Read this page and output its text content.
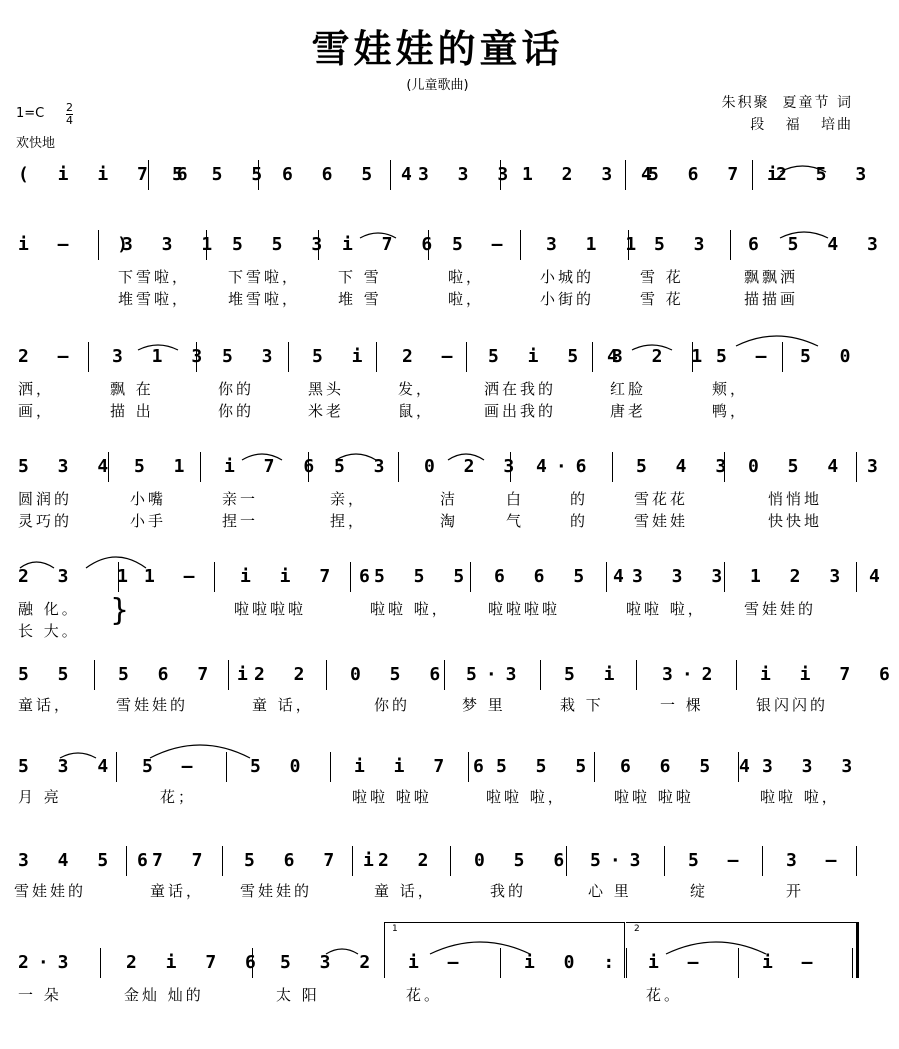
雪娃娃的童话
(儿童歌曲)
$1=C \frac{2}{4}$
欢快地
朱积聚  夏童节 词
段   福   培曲
( i i 7 6
5 5 5 6 6 5 4
3 3 3 1 2 3 4
5 6 7 i
2 5 3
i –  )
3 3 1 5 5 3 i 7 6 5 – 3 1 1 5 3 6 5 4 3
下雪啦，	下雪啦，	下 雪	啦，	小城的	雪 花	飘飘洒
堆雪啦，	堆雪啦，	堆 雪	啦，	小街的	雪 花	描描画
2 – 3 1 3 5 3 5 i 2 – 5 i 5 4
3 2 1 5 – 5 0
洒，	飘 在	你的	黑头	发，	洒在我的	红脸	颊，
画，	描 出	你的	米老	鼠，	画出我的	唐老	鸭，
5 3 4 5 1 i 7 6 5 3 0 2 3 4·6 5 4 3 0 5 4 3
圆润的	小嘴	亲一	亲，	洁	白	的	雪花花	悄悄地
灵巧的	小手	捏一	捏，	淘	气	的	雪娃娃	快快地
2 3  1 1 – i i 7 6
5 5 5 6 6 5 4 3 3 3 1 2 3 4
融 化。	啦啦啦啦	啦啦 啦，	啦啦啦啦	啦啦 啦，	雪娃娃的
长 大。
5 5 5 6 7 i
2 2 0 5 6 5·3 5 i 3·2 i i 7 6
童话，	雪娃娃的	童 话，	你的	梦 里	栽 下	一 棵	银闪闪的
5 3 4 5 –	5 0 i i 7 6 5 5 5 6 6 5 4 3 3 3
月 亮	花；	啦啦 啦啦	啦啦 啦，	啦啦 啦啦	啦啦 啦，
3 4 5 6
7 7 5 6 7 i
2 2 0 5 6 5·3 5 – 3 –
雪娃娃的	童话， 雪娃娃的	童 话，	我的	心 里	绽	开
1	2
2·3	2 i 7 6 5 3 2 i –	i 0 : i –	i –
一 朵	金灿 灿的	太 阳	花。	花。
}
